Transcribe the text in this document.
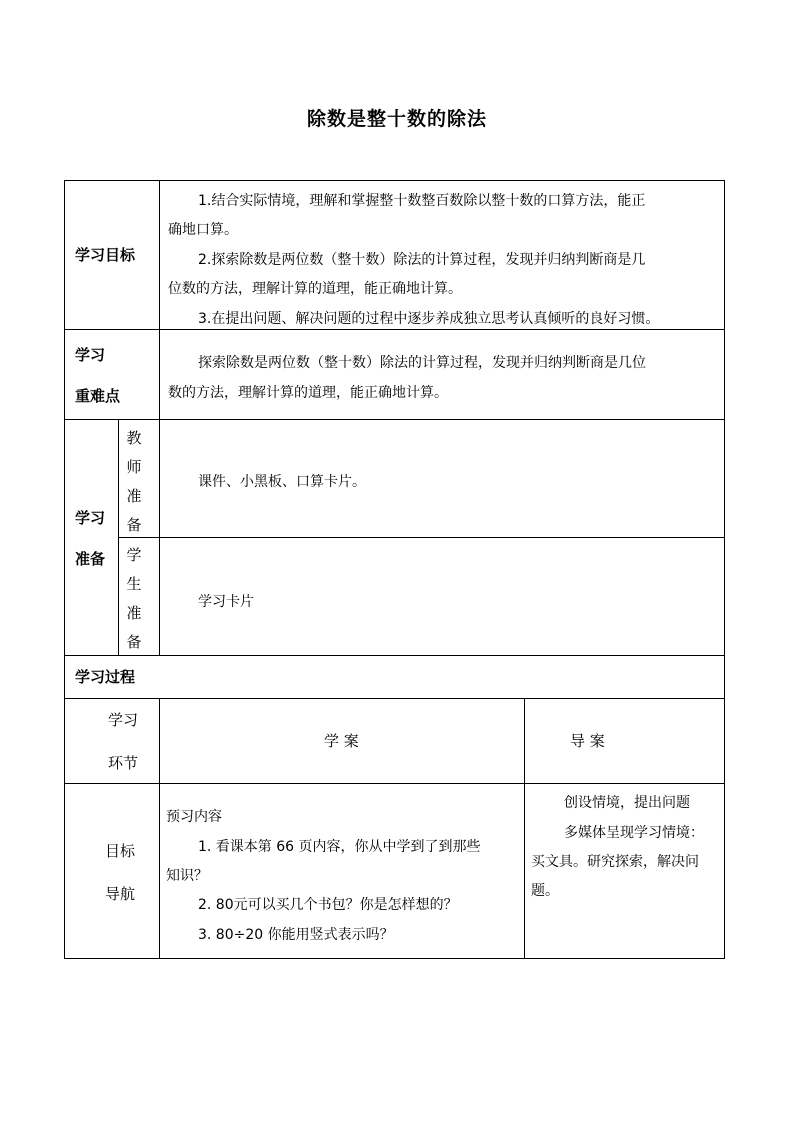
除数是整十数的除法
学习目标
1.结合实际情境，理解和掌握整十数整百数除以整十数的口算方法，能正
确地口算。
2.探索除数是两位数（整十数）除法的计算过程，发现并归纳判断商是几
位数的方法，理解计算的道理，能正确地计算。
3.在提出问题、解决问题的过程中逐步养成独立思考认真倾听的良好习惯。
学习
重难点
探索除数是两位数（整十数）除法的计算过程，发现并归纳判断商是几位
数的方法，理解计算的道理，能正确地计算。
学习
准备
教
师
准
备
课件、小黑板、口算卡片。
学
生
准
备
学习卡片
学习过程
学习
环节
学 案	导 案
目标
导航
预习内容
1. 看课本第 66 页内容，你从中学到了到那些
知识？
2. 80元可以买几个书包？你是怎样想的？
3. 80÷20 你能用竖式表示吗？
创设情境，提出问题
多媒体呈现学习情境：
买文具。研究探索，解决问
题。
